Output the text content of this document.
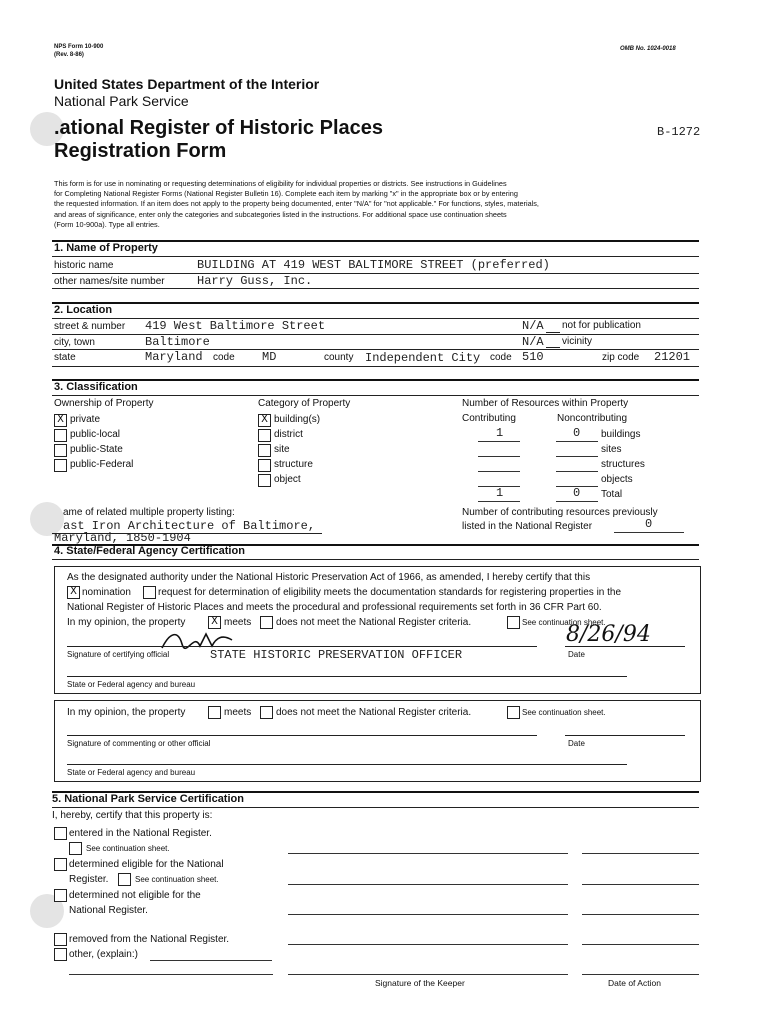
NPS Form 10-900
(Rev. 8-86)
OMB No. 1024-0018
United States Department of the Interior
National Park Service
.ational Register of Historic Places
Registration Form
B-1272
This form is for use in nominating or requesting determinations of eligibility for individual properties or districts. See instructions in Guidelines
for Completing National Register Forms (National Register Bulletin 16). Complete each item by marking "x" in the appropriate box or by entering
the requested information. If an item does not apply to the property being documented, enter "N/A" for "not applicable." For functions, styles, materials,
and areas of significance, enter only the categories and subcategories listed in the instructions. For additional space use continuation sheets
(Form 10-900a). Type all entries.
1. Name of Property
historic name	BUILDING AT 419 WEST BALTIMORE STREET (preferred)
other names/site number	Harry Guss, Inc.
2. Location
street & number 419 West Baltimore Street	N/A not for publication
city, town	Baltimore	N/A vicinity
state	Maryland code MD	county Independent City code 510	zip code 21201
3. Classification
Ownership of Property
X private
public-local
public-State
public-Federal
Category of Property
X building(s)
district
site
structure
object
Number of Resources within Property
Contributing	Noncontributing
1	0 buildings
sites
structures
objects
1	0 Total
ame of related multiple property listing:
ast Iron Architecture of Baltimore,
Maryland, 1850-1904
Number of contributing resources previously
listed in the National Register	0
4. State/Federal Agency Certification
As the designated authority under the National Historic Preservation Act of 1966, as amended, I hereby certify that this
X nomination	request for determination of eligibility meets the documentation standards for registering properties in the
National Register of Historic Places and meets the procedural and professional requirements set forth in 36 CFR Part 60.
In my opinion, the property X meets does not meet the National Register criteria.	See continuation sheet.
Signature of certifying official	STATE HISTORIC PRESERVATION OFFICER
8/26/94
Date
State or Federal agency and bureau
In my opinion, the property	meets does not meet the National Register criteria.	See continuation sheet.
Signature of commenting or other official	Date
State or Federal agency and bureau
5. National Park Service Certification
I, hereby, certify that this property is:
entered in the National Register.
See continuation sheet.
determined eligible for the National
Register.	See continuation sheet.
determined not eligible for the
National Register.
removed from the National Register.
other, (explain:)
Signature of the Keeper	Date of Action
